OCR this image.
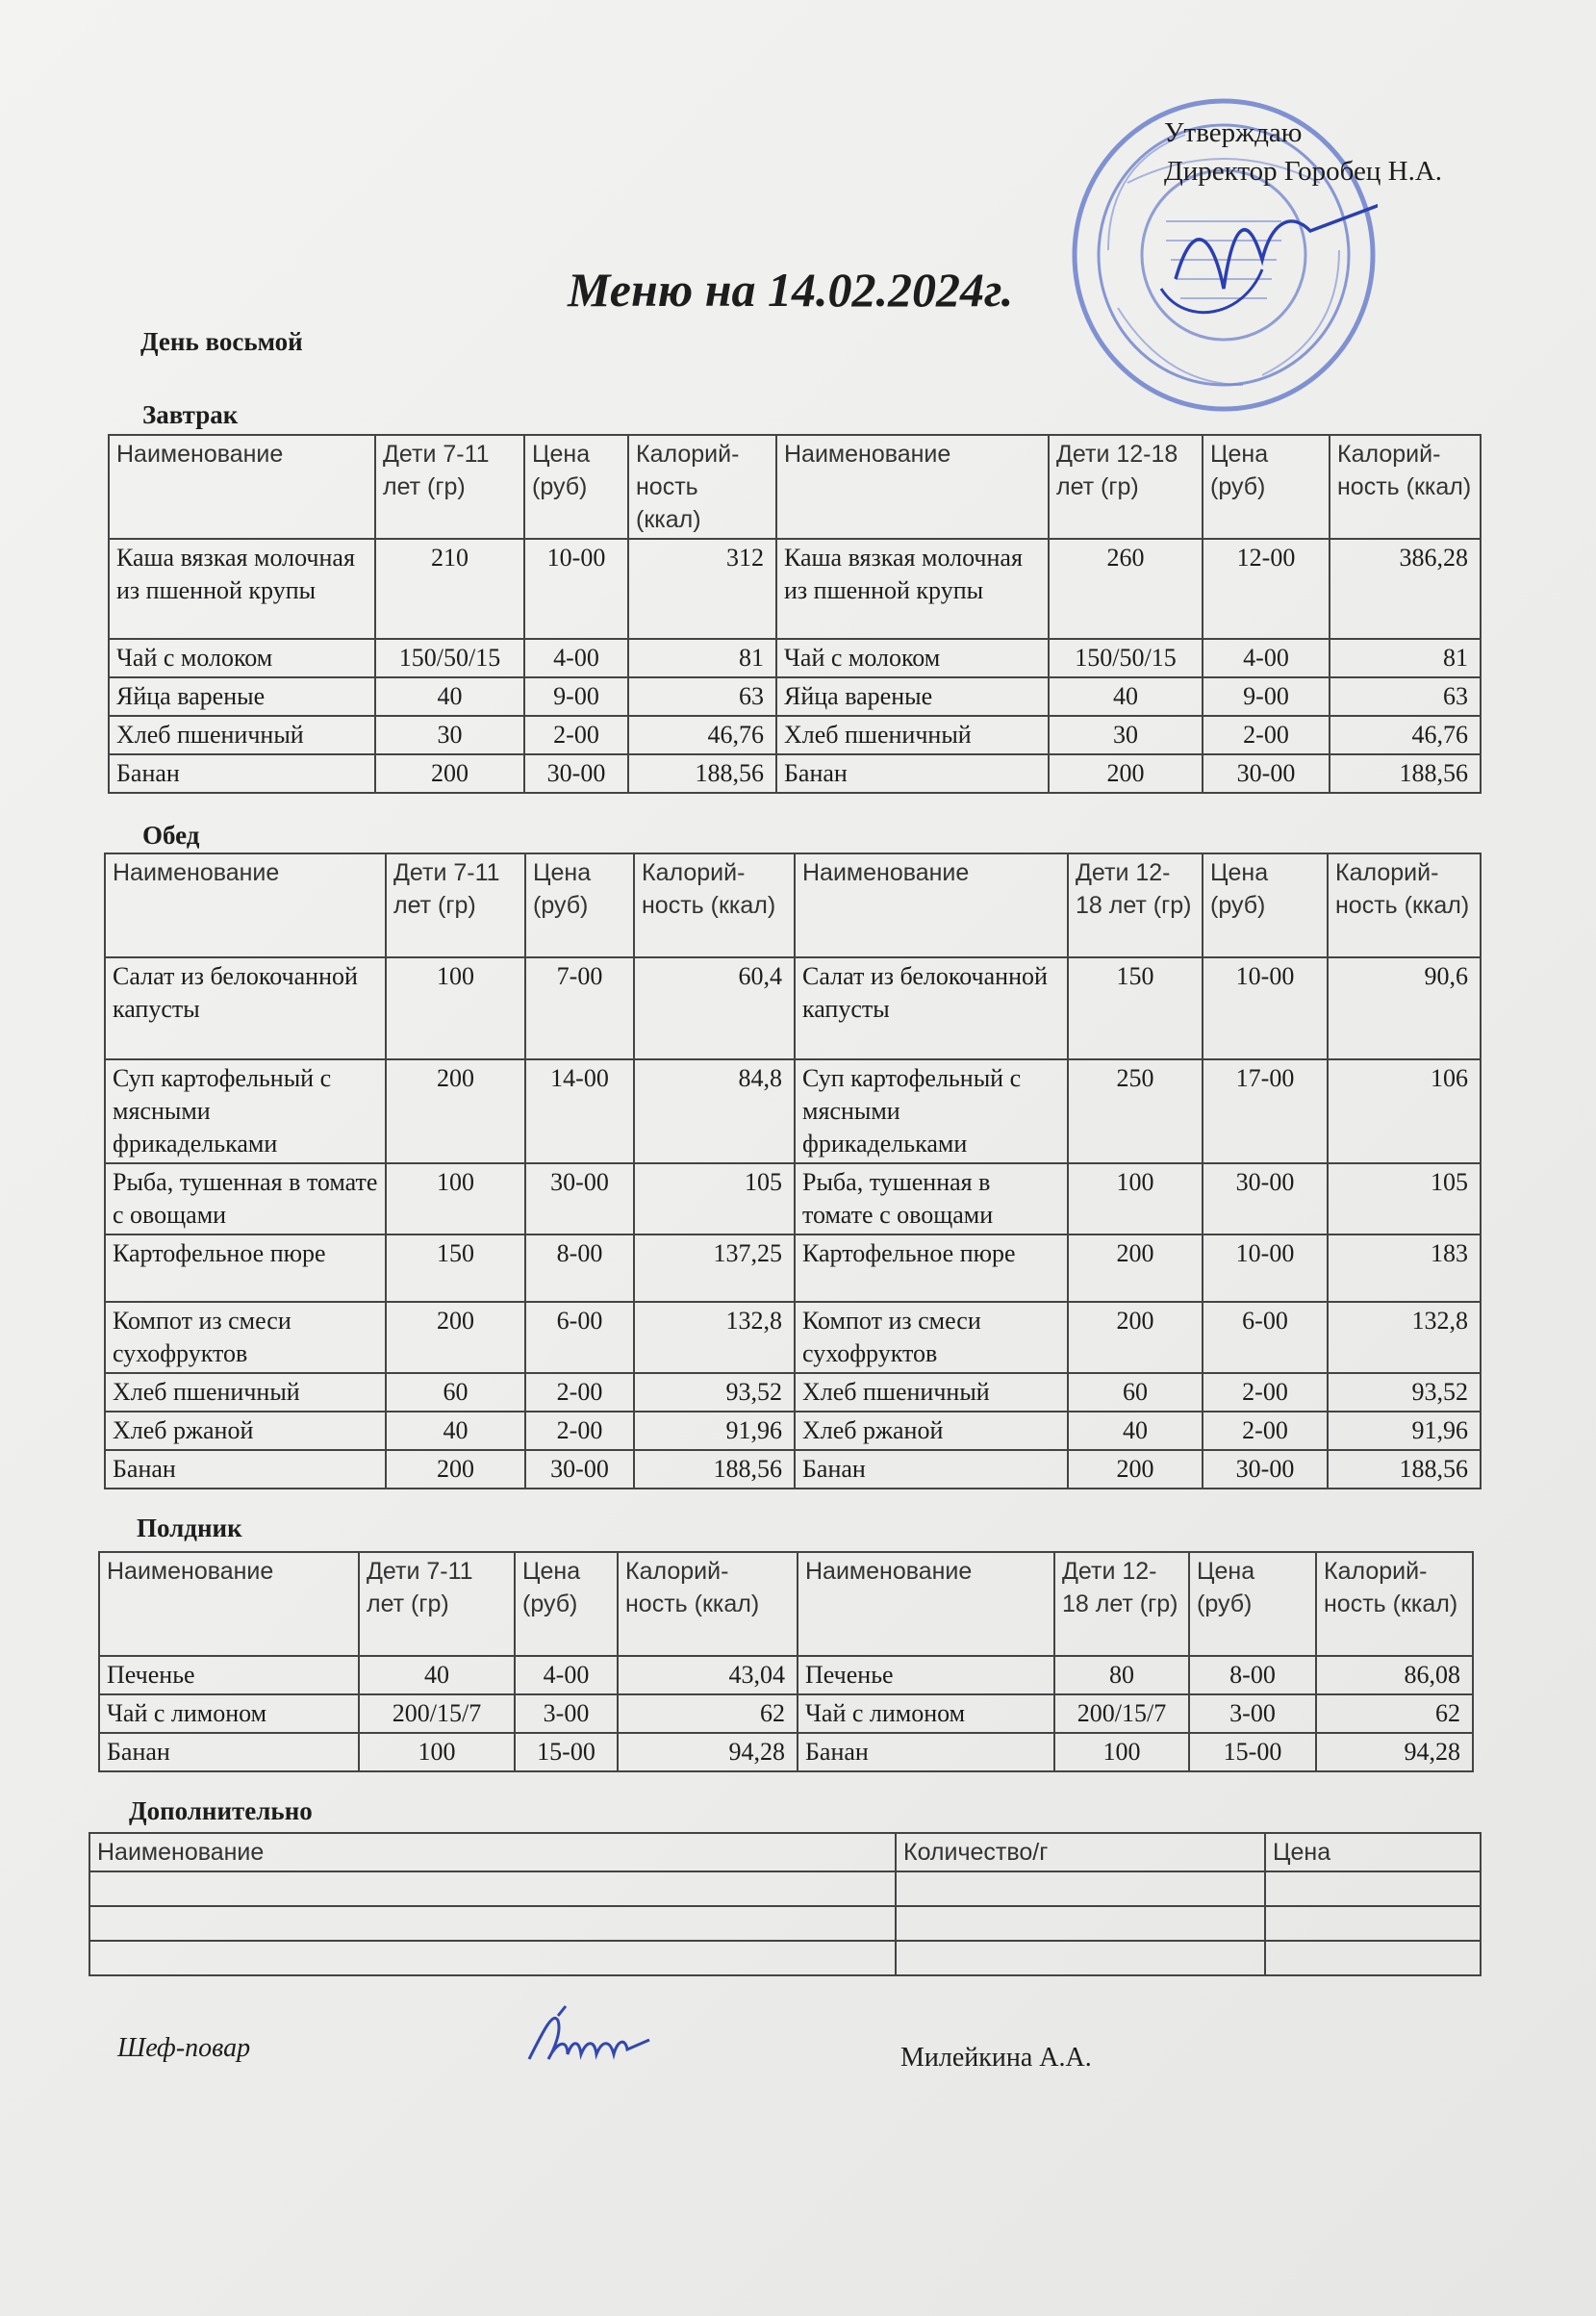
Утверждаю
Директор Горобец Н.А.
Меню на 14.02.2024г.
День восьмой
Завтрак
Наименование	Дети 7-11 лет (гр)	Цена (руб)	Калорий-ность (ккал)	Наименование	Дети 12-18 лет (гр)	Цена (руб)	Калорий-ность (ккал)
Каша вязкая молочная из пшенной крупы	210	10-00	312	Каша вязкая молочная из пшенной крупы	260	12-00	386,28
Чай с молоком	150/50/15	4-00	81	Чай с молоком	150/50/15	4-00	81
Яйца вареные	40	9-00	63	Яйца вареные	40	9-00	63
Хлеб пшеничный	30	2-00	46,76	Хлеб пшеничный	30	2-00	46,76
Банан	200	30-00	188,56	Банан	200	30-00	188,56
Обед
Наименование	Дети 7-11 лет (гр)	Цена (руб)	Калорий-ность (ккал)	Наименование	Дети 12-18 лет (гр)	Цена (руб)	Калорий-ность (ккал)
Салат из белокочанной капусты	100	7-00	60,4	Салат из белокочанной капусты	150	10-00	90,6
Суп картофельный с мясными фрикадельками	200	14-00	84,8	Суп картофельный с мясными фрикадельками	250	17-00	106
Рыба, тушенная в томате с овощами	100	30-00	105	Рыба, тушенная в томате с овощами	100	30-00	105
Картофельное пюре	150	8-00	137,25	Картофельное пюре	200	10-00	183
Компот из смеси сухофруктов	200	6-00	132,8	Компот из смеси сухофруктов	200	6-00	132,8
Хлеб пшеничный	60	2-00	93,52	Хлеб пшеничный	60	2-00	93,52
Хлеб ржаной	40	2-00	91,96	Хлеб ржаной	40	2-00	91,96
Банан	200	30-00	188,56	Банан	200	30-00	188,56
Полдник
Наименование	Дети 7-11 лет (гр)	Цена (руб)	Калорий-ность (ккал)	Наименование	Дети 12-18 лет (гр)	Цена (руб)	Калорий-ность (ккал)
Печенье	40	4-00	43,04	Печенье	80	8-00	86,08
Чай с лимоном	200/15/7	3-00	62	Чай с лимоном	200/15/7	3-00	62
Банан	100	15-00	94,28	Банан	100	15-00	94,28
Дополнительно
Наименование	Количество/г	Цена

Шеф-повар	Милейкина А.А.
